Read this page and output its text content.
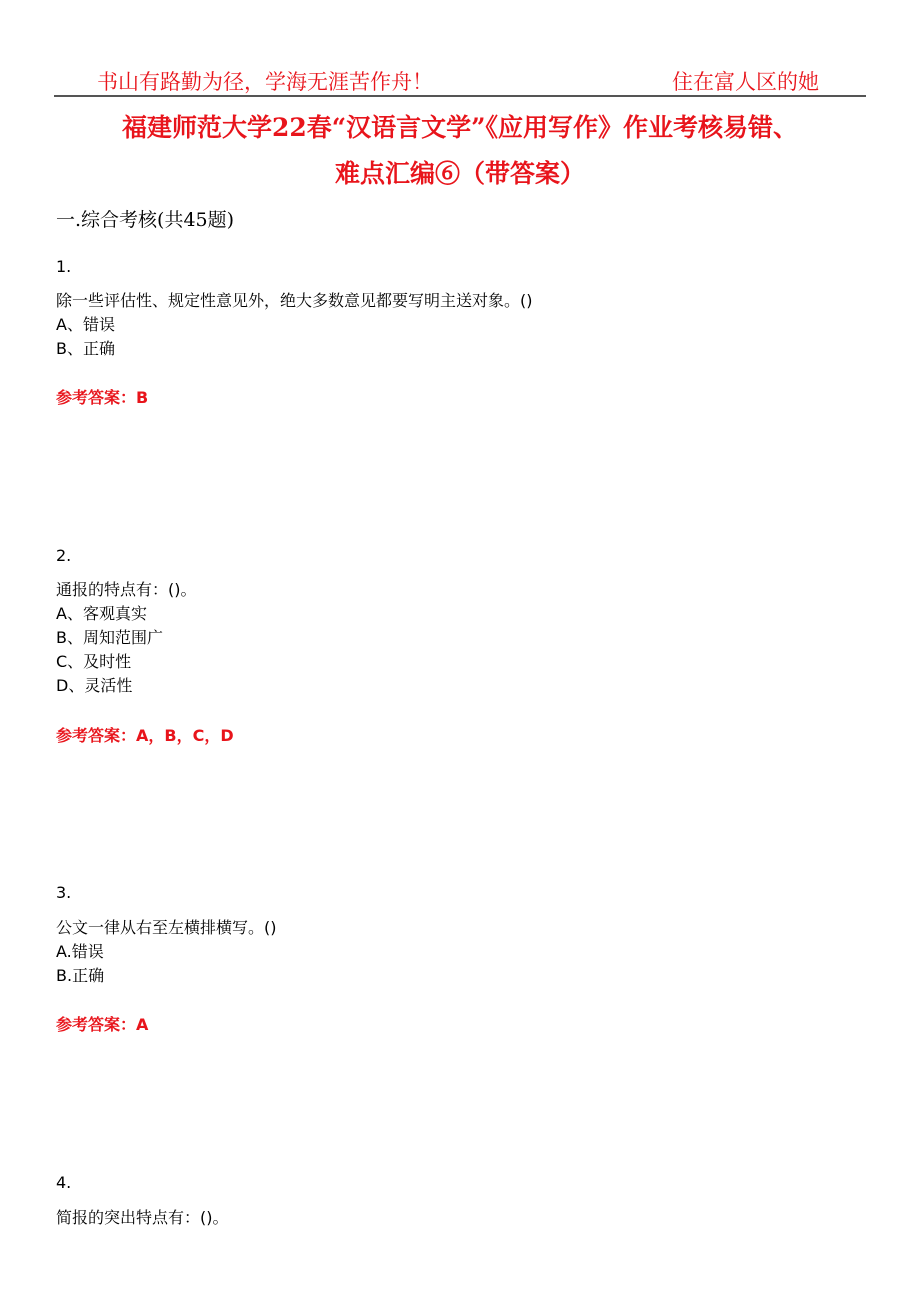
书山有路勤为径，学海无涯苦作舟！	住在富人区的她
福建师范大学22春“汉语言文学”《应用写作》作业考核易错、
难点汇编⑥（带答案）
一.综合考核(共45题)
1.
除一些评估性、规定性意见外，绝大多数意见都要写明主送对象。()
A、错误
B、正确
参考答案：B
2.
通报的特点有：()。
A、客观真实
B、周知范围广
C、及时性
D、灵活性
参考答案：A，B，C，D
3.
公文一律从右至左横排横写。()
A.错误
B.正确
参考答案：A
4.
简报的突出特点有：()。
